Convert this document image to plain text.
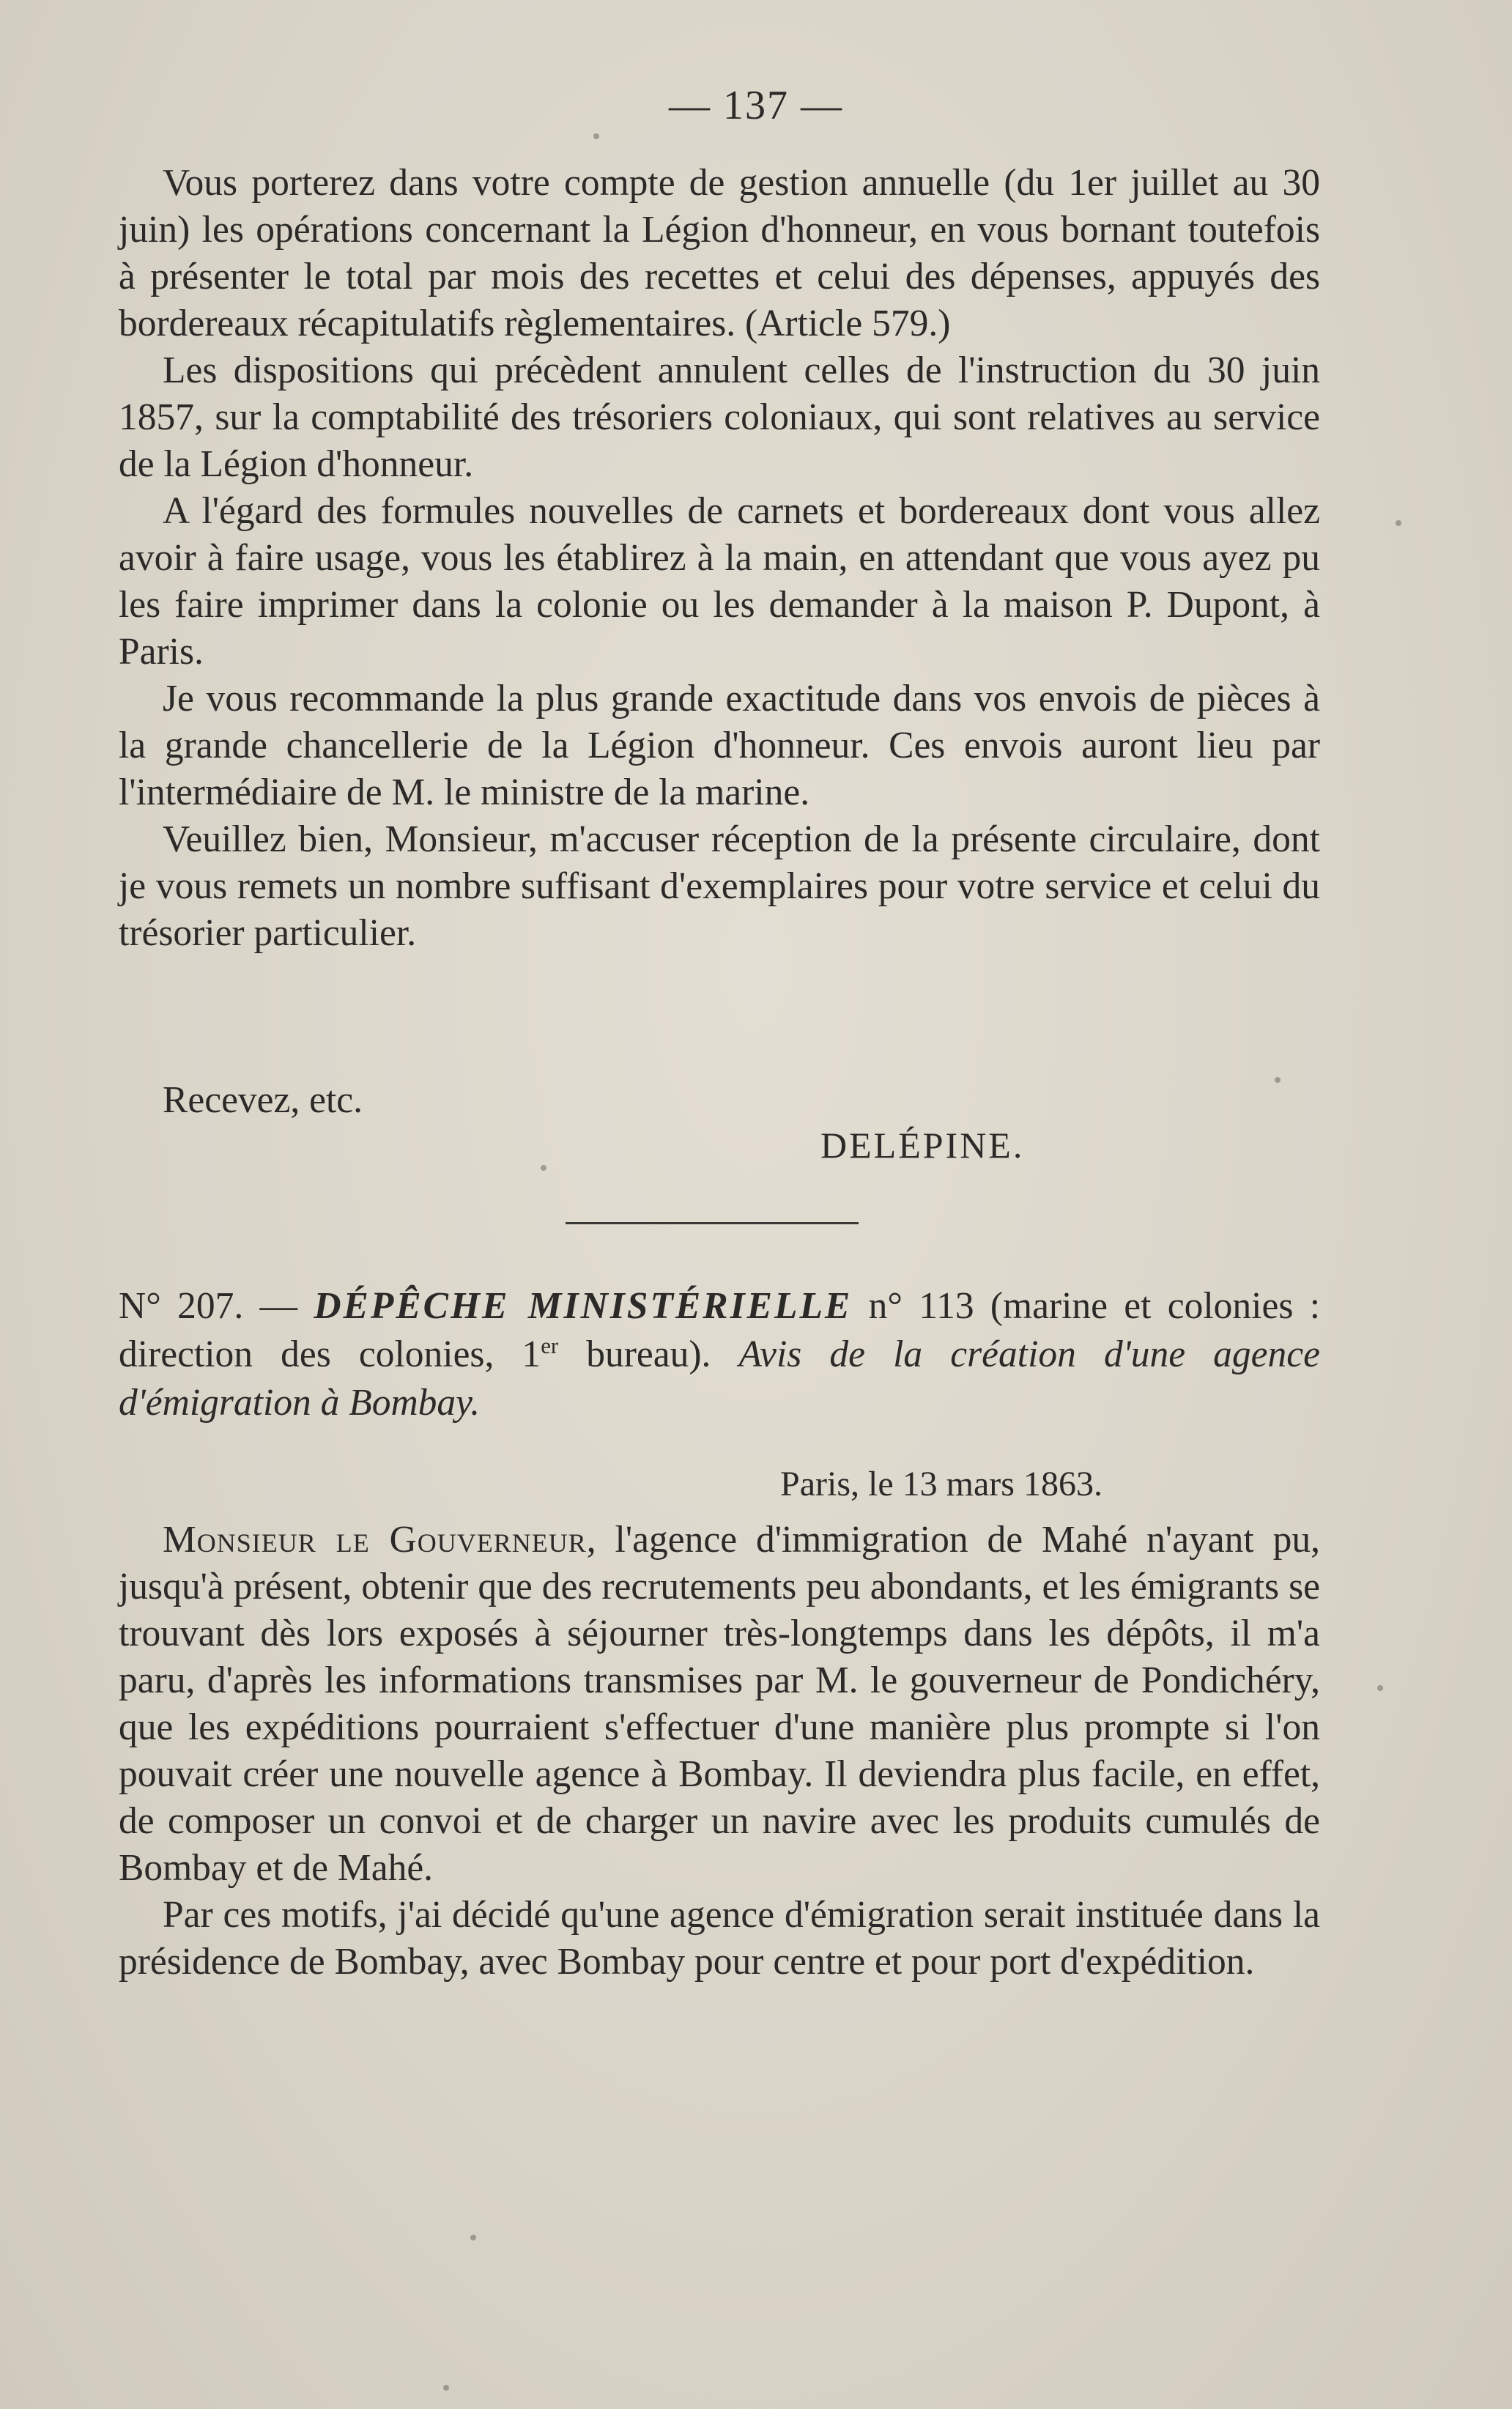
— 137 —

Vous porterez dans votre compte de gestion annuelle (du 1er juillet au 30 juin) les opérations concernant la Légion d'honneur, en vous bornant toutefois à présenter le total par mois des recettes et celui des dépenses, appuyés des bordereaux récapitulatifs règlementaires. (Article 579.)

Les dispositions qui précèdent annulent celles de l'instruction du 30 juin 1857, sur la comptabilité des trésoriers coloniaux, qui sont relatives au service de la Légion d'honneur.

A l'égard des formules nouvelles de carnets et bordereaux dont vous allez avoir à faire usage, vous les établirez à la main, en attendant que vous ayez pu les faire imprimer dans la colonie ou les demander à la maison P. Dupont, à Paris.

Je vous recommande la plus grande exactitude dans vos envois de pièces à la grande chancellerie de la Légion d'honneur. Ces envois auront lieu par l'intermédiaire de M. le ministre de la marine.

Veuillez bien, Monsieur, m'accuser réception de la présente circulaire, dont je vous remets un nombre suffisant d'exemplaires pour votre service et celui du trésorier particulier.

Recevez, etc.
DELÉPINE.
N° 207. — DÉPÊCHE MINISTÉRIELLE n° 113 (marine et colonies : direction des colonies, 1er bureau). Avis de la création d'une agence d'émigration à Bombay.
Paris, le 13 mars 1863.

Monsieur le Gouverneur, l'agence d'immigration de Mahé n'ayant pu, jusqu'à présent, obtenir que des recrutements peu abondants, et les émigrants se trouvant dès lors exposés à séjourner très-longtemps dans les dépôts, il m'a paru, d'après les informations transmises par M. le gouverneur de Pondichéry, que les expéditions pourraient s'effectuer d'une manière plus prompte si l'on pouvait créer une nouvelle agence à Bombay. Il deviendra plus facile, en effet, de composer un convoi et de charger un navire avec les produits cumulés de Bombay et de Mahé.

Par ces motifs, j'ai décidé qu'une agence d'émigration serait instituée dans la présidence de Bombay, avec Bombay pour centre et pour port d'expédition.
